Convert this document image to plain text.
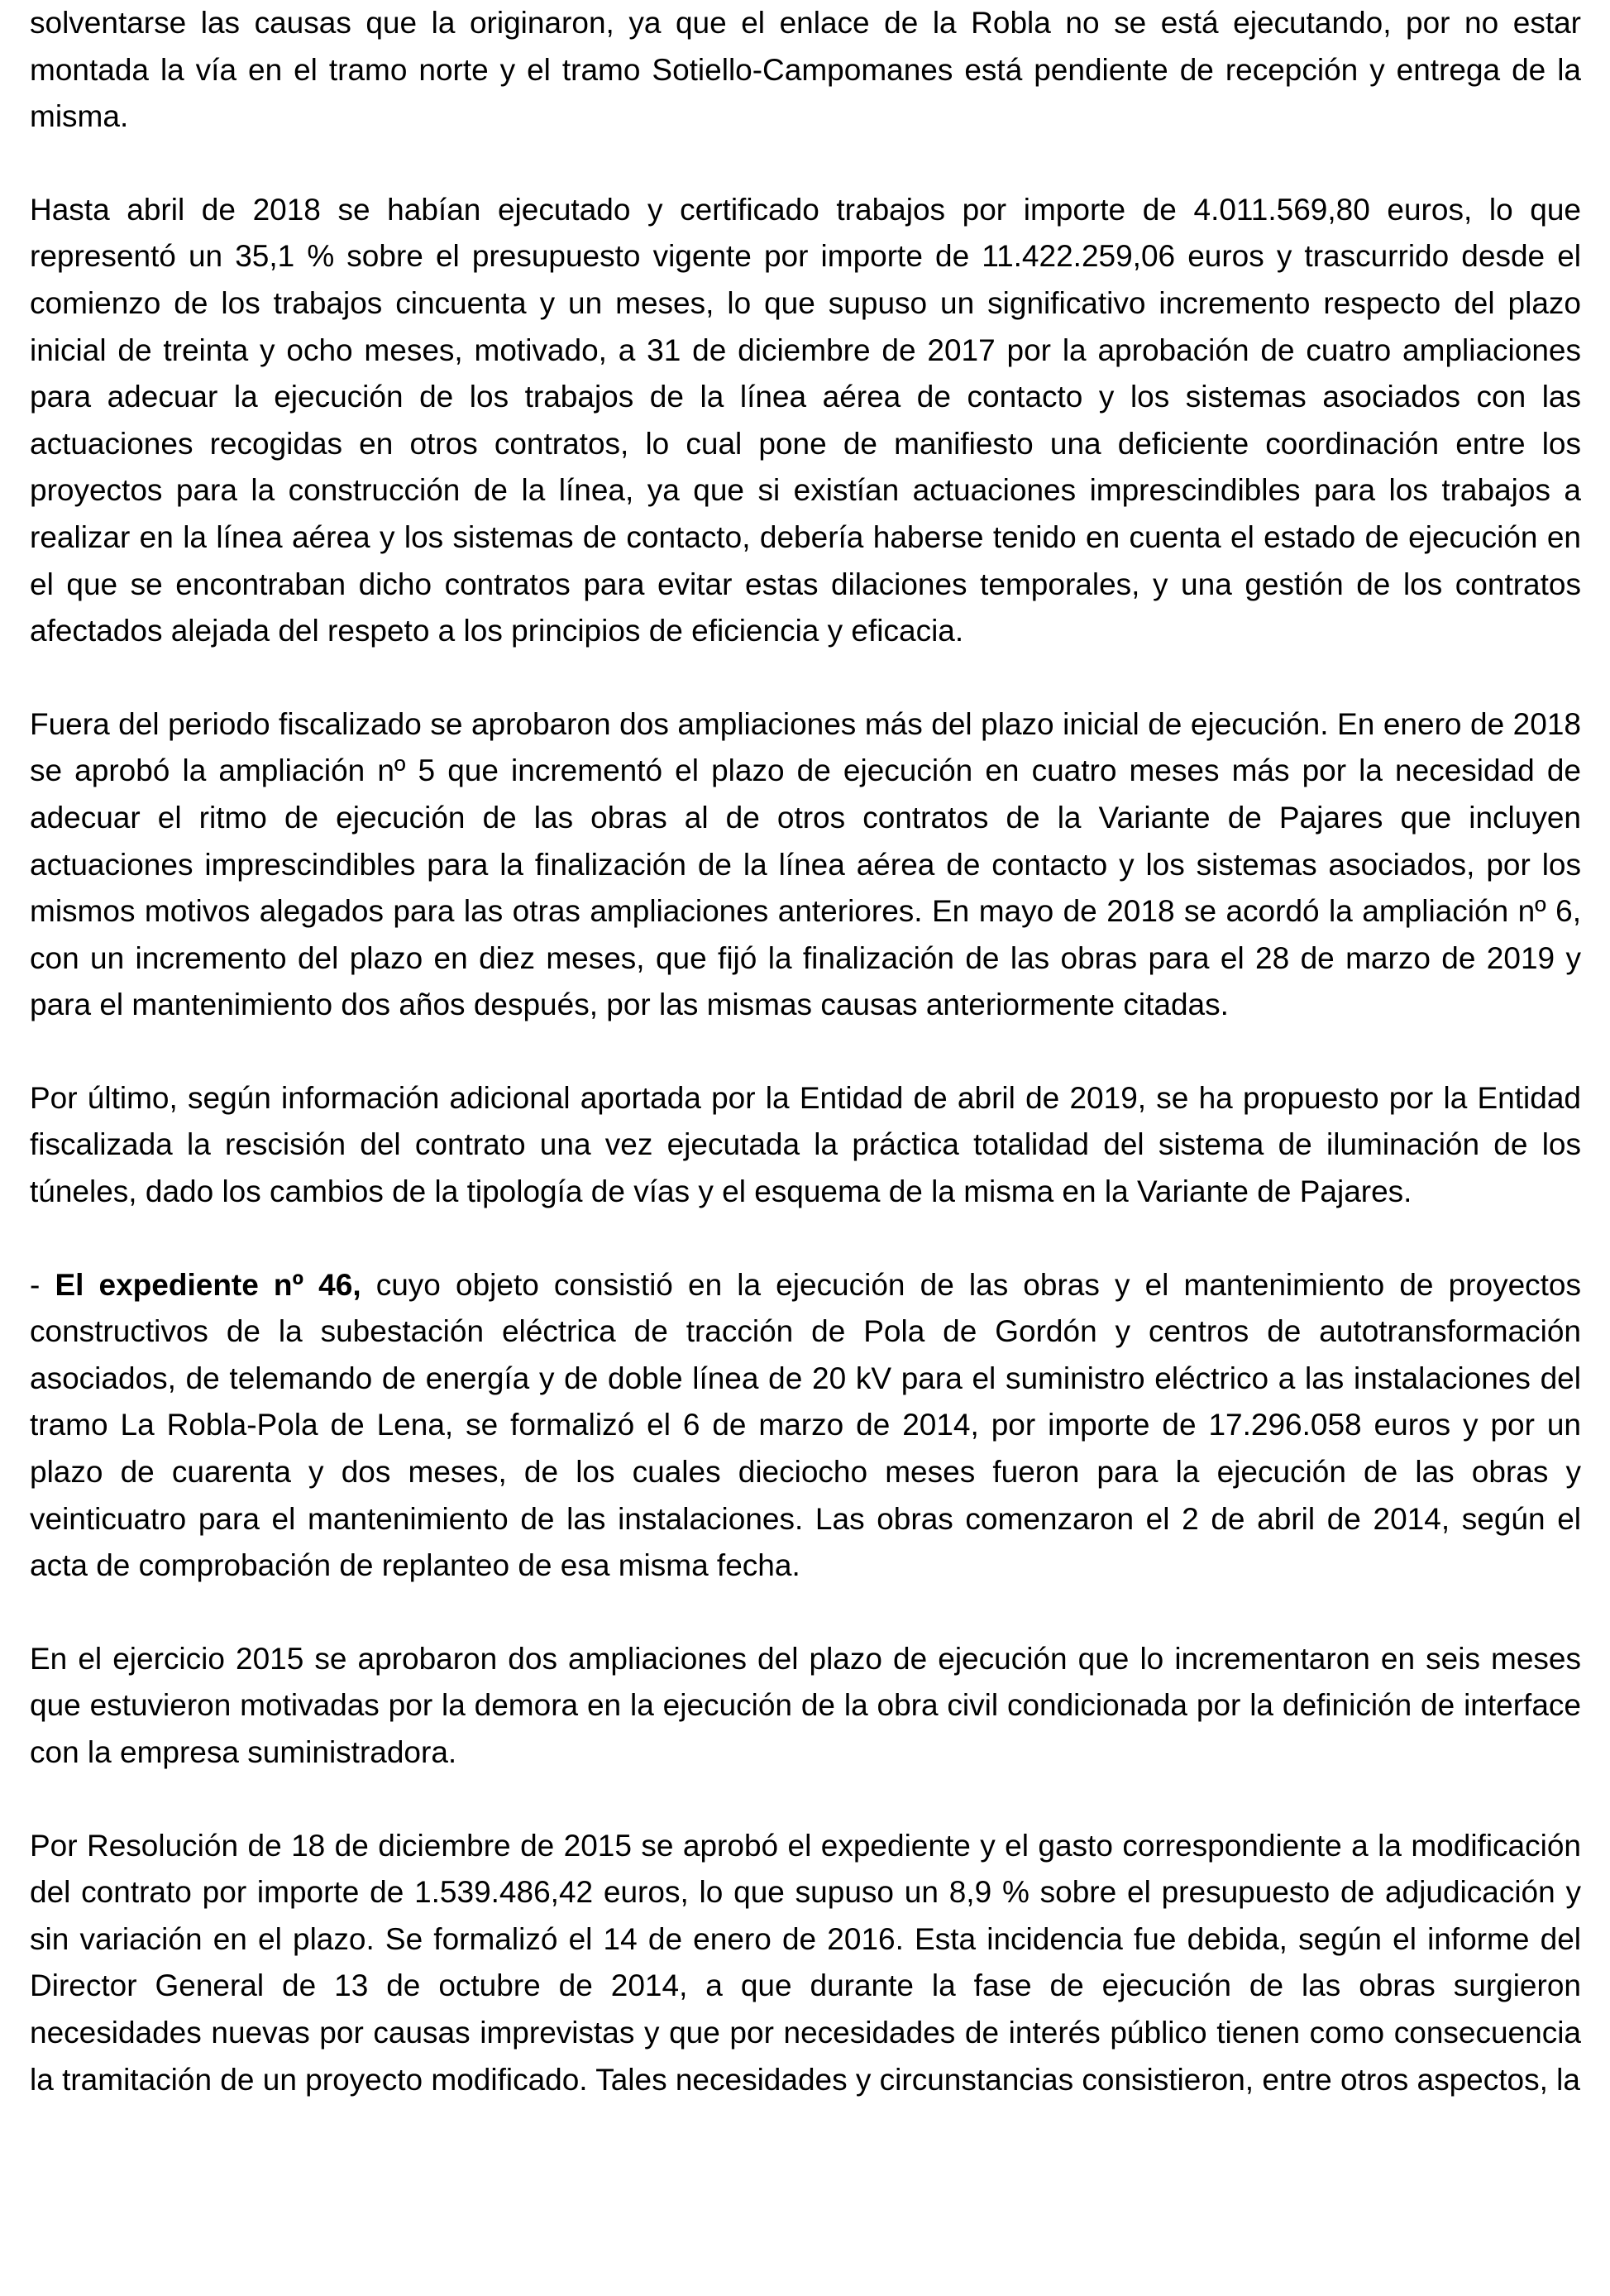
solventarse las causas que la originaron, ya que el enlace de la Robla no se está ejecutando, por no estar montada la vía en el tramo norte y el tramo Sotiello-Campomanes está pendiente de recepción y entrega de la misma.

Hasta abril de 2018 se habían ejecutado y certificado trabajos por importe de 4.011.569,80 euros, lo que representó un 35,1 % sobre el presupuesto vigente por importe de 11.422.259,06 euros y trascurrido desde el comienzo de los trabajos cincuenta y un meses, lo que supuso un significativo incremento respecto del plazo inicial de treinta y ocho meses, motivado, a 31 de diciembre de 2017 por la aprobación de cuatro ampliaciones para adecuar la ejecución de los trabajos de la línea aérea de contacto y los sistemas asociados con las actuaciones recogidas en otros contratos, lo cual pone de manifiesto una deficiente coordinación entre los proyectos para la construcción de la línea, ya que si existían actuaciones imprescindibles para los trabajos a realizar en la línea aérea y los sistemas de contacto, debería haberse tenido en cuenta el estado de ejecución en el que se encontraban dicho contratos para evitar estas dilaciones temporales, y una gestión de los contratos afectados alejada del respeto a los principios de eficiencia y eficacia.

Fuera del periodo fiscalizado se aprobaron dos ampliaciones más del plazo inicial de ejecución. En enero de 2018 se aprobó la ampliación nº 5 que incrementó el plazo de ejecución en cuatro meses más por la necesidad de adecuar el ritmo de ejecución de las obras al de otros contratos de la Variante de Pajares que incluyen actuaciones imprescindibles para la finalización de la línea aérea de contacto y los sistemas asociados, por los mismos motivos alegados para las otras ampliaciones anteriores. En mayo de 2018 se acordó la ampliación nº 6, con un incremento del plazo en diez meses, que fijó la finalización de las obras para el 28 de marzo de 2019 y para el mantenimiento dos años después, por las mismas causas anteriormente citadas.

Por último, según información adicional aportada por la Entidad de abril de 2019, se ha propuesto por la Entidad fiscalizada la rescisión del contrato una vez ejecutada la práctica totalidad del sistema de iluminación de los túneles, dado los cambios de la tipología de vías y el esquema de la misma en la Variante de Pajares.

- El expediente nº 46, cuyo objeto consistió en la ejecución de las obras y el mantenimiento de proyectos constructivos de la subestación eléctrica de tracción de Pola de Gordón y centros de autotransformación asociados, de telemando de energía y de doble línea de 20 kV para el suministro eléctrico a las instalaciones del tramo La Robla-Pola de Lena, se formalizó el 6 de marzo de 2014, por importe de 17.296.058 euros y por un plazo de cuarenta y dos meses, de los cuales dieciocho meses fueron para la ejecución de las obras y veinticuatro para el mantenimiento de las instalaciones. Las obras comenzaron el 2 de abril de 2014, según el acta de comprobación de replanteo de esa misma fecha.

En el ejercicio 2015 se aprobaron dos ampliaciones del plazo de ejecución que lo incrementaron en seis meses que estuvieron motivadas por la demora en la ejecución de la obra civil condicionada por la definición de interface con la empresa suministradora.

Por Resolución de 18 de diciembre de 2015 se aprobó el expediente y el gasto correspondiente a la modificación del contrato por importe de 1.539.486,42 euros, lo que supuso un 8,9 % sobre el presupuesto de adjudicación y sin variación en el plazo. Se formalizó el 14 de enero de 2016. Esta incidencia fue debida, según el informe del Director General de 13 de octubre de 2014, a que durante la fase de ejecución de las obras surgieron necesidades nuevas por causas imprevistas y que por necesidades de interés público tienen como consecuencia la tramitación de un proyecto modificado. Tales necesidades y circunstancias consistieron, entre otros aspectos, la
